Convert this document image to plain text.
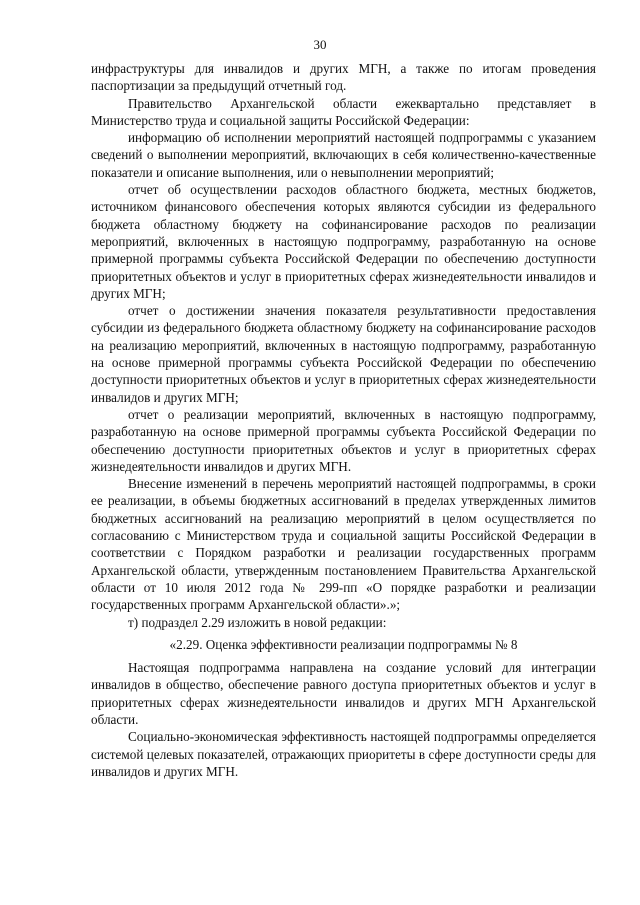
30

инфраструктуры для инвалидов и других МГН, а также по итогам проведения паспортизации за предыдущий отчетный год.

Правительство Архангельской области ежеквартально представляет в Министерство труда и социальной защиты Российской Федерации:

информацию об исполнении мероприятий настоящей подпрограммы с указанием сведений о выполнении мероприятий, включающих в себя количественно-качественные показатели и описание выполнения, или о невыполнении мероприятий;

отчет об осуществлении расходов областного бюджета, местных бюджетов, источником финансового обеспечения которых являются субсидии из федерального бюджета областному бюджету на софинансирование расходов по реализации мероприятий, включенных в настоящую подпрограмму, разработанную на основе примерной программы субъекта Российской Федерации по обеспечению доступности приоритетных объектов и услуг в приоритетных сферах жизнедеятельности инвалидов и других МГН;

отчет о достижении значения показателя результативности предоставления субсидии из федерального бюджета областному бюджету на софинансирование расходов на реализацию мероприятий, включенных в настоящую подпрограмму, разработанную на основе примерной программы субъекта Российской Федерации по обеспечению доступности приоритетных объектов и услуг в приоритетных сферах жизнедеятельности инвалидов и других МГН;

отчет о реализации мероприятий, включенных в настоящую подпрограмму, разработанную на основе примерной программы субъекта Российской Федерации по обеспечению доступности приоритетных объектов и услуг в приоритетных сферах жизнедеятельности инвалидов и других МГН.

Внесение изменений в перечень мероприятий настоящей подпрограммы, в сроки ее реализации, в объемы бюджетных ассигнований в пределах утвержденных лимитов бюджетных ассигнований на реализацию мероприятий в целом осуществляется по согласованию с Министерством труда и социальной защиты Российской Федерации в соответствии с Порядком разработки и реализации государственных программ Архангельской области, утвержденным постановлением Правительства Архангельской области от 10 июля 2012 года № 299-пп «О порядке разработки и реализации государственных программ Архангельской области».»;

т) подраздел 2.29 изложить в новой редакции:

«2.29. Оценка эффективности реализации подпрограммы № 8

Настоящая подпрограмма направлена на создание условий для интеграции инвалидов в общество, обеспечение равного доступа приоритетных объектов и услуг в приоритетных сферах жизнедеятельности инвалидов и других МГН Архангельской области.

Социально-экономическая эффективность настоящей подпрограммы определяется системой целевых показателей, отражающих приоритеты в сфере доступности среды для инвалидов и других МГН.
